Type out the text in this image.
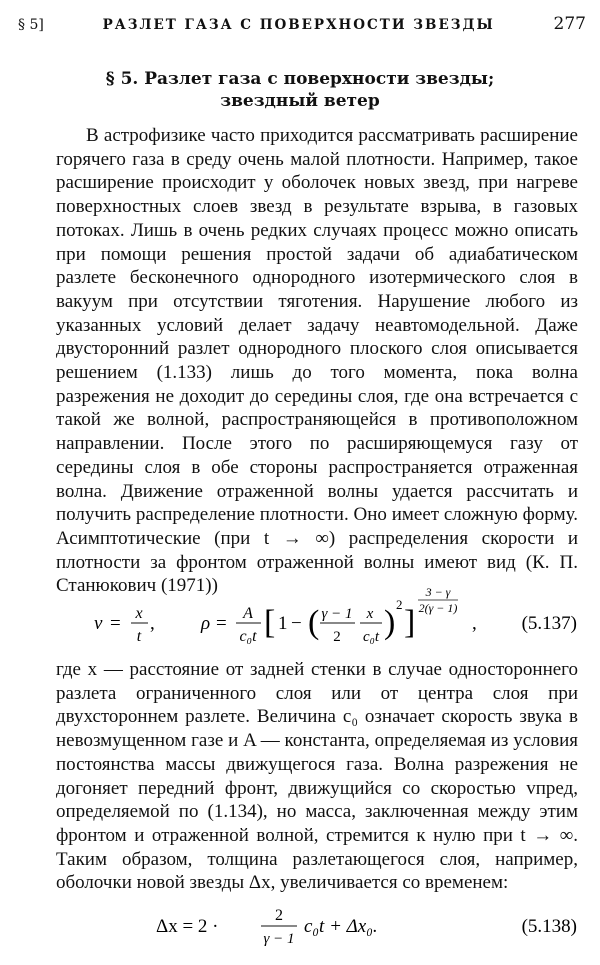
§ 5]	РАЗЛЕТ ГАЗА С ПОВЕРХНОСТИ ЗВЕЗДЫ	277
§ 5. Разлет газа с поверхности звезды;
звездный ветер

В астрофизике часто приходится рассматривать расширение горячего газа в среду очень малой плотности. Например, такое расширение происходит у оболочек новых звезд, при нагреве поверхностных слоев звезд в результате взрыва, в газовых потоках. Лишь в очень редких случаях процесс можно описать при помощи решения простой задачи об адиабатическом разлете бесконечного однородного изотермического слоя в вакуум при отсутствии тяготения. Нарушение любого из указанных условий делает задачу неавтомодельной. Даже двусторонний разлет однородного плоского слоя описывается решением (1.133) лишь до того момента, пока волна разрежения не доходит до середины слоя, где она встречается с такой же волной, распространяющейся в противоположном направлении. После этого по расширяющемуся газу от середины слоя в обе стороны распространяется отраженная волна. Движение отраженной волны удается рассчитать и получить распределение плотности. Оно имеет сложную форму. Асимптотические (при t → ∞) распределения скорости и плотности за фронтом отраженной волны имеют вид (К. П. Станюкович (1971))

v = x
t
, ρ = A
c₀t [ 1 − ( γ − 1
2
x
c₀t ) 2 ]
3 − γ
2(γ − 1)
, (5.137)

где x — расстояние от задней стенки в случае одностороннего разлета ограниченного слоя или от центра слоя при двухстороннем разлете. Величина c₀ означает скорость звука в невозмущенном газе и A — константа, определяемая из условия постоянства массы движущегося газа. Волна разрежения не догоняет передний фронт, движущийся со скоростью vпред, определяемой по (1.134), но масса, заключенная между этим фронтом и отраженной волной, стремится к нулю при t → ∞. Таким образом, толщина разлетающегося слоя, например, оболочки новой звезды Δx, увеличивается со временем:

Δx = 2 ·
2
γ − 1
c₀t + Δx₀.	(5.138)
